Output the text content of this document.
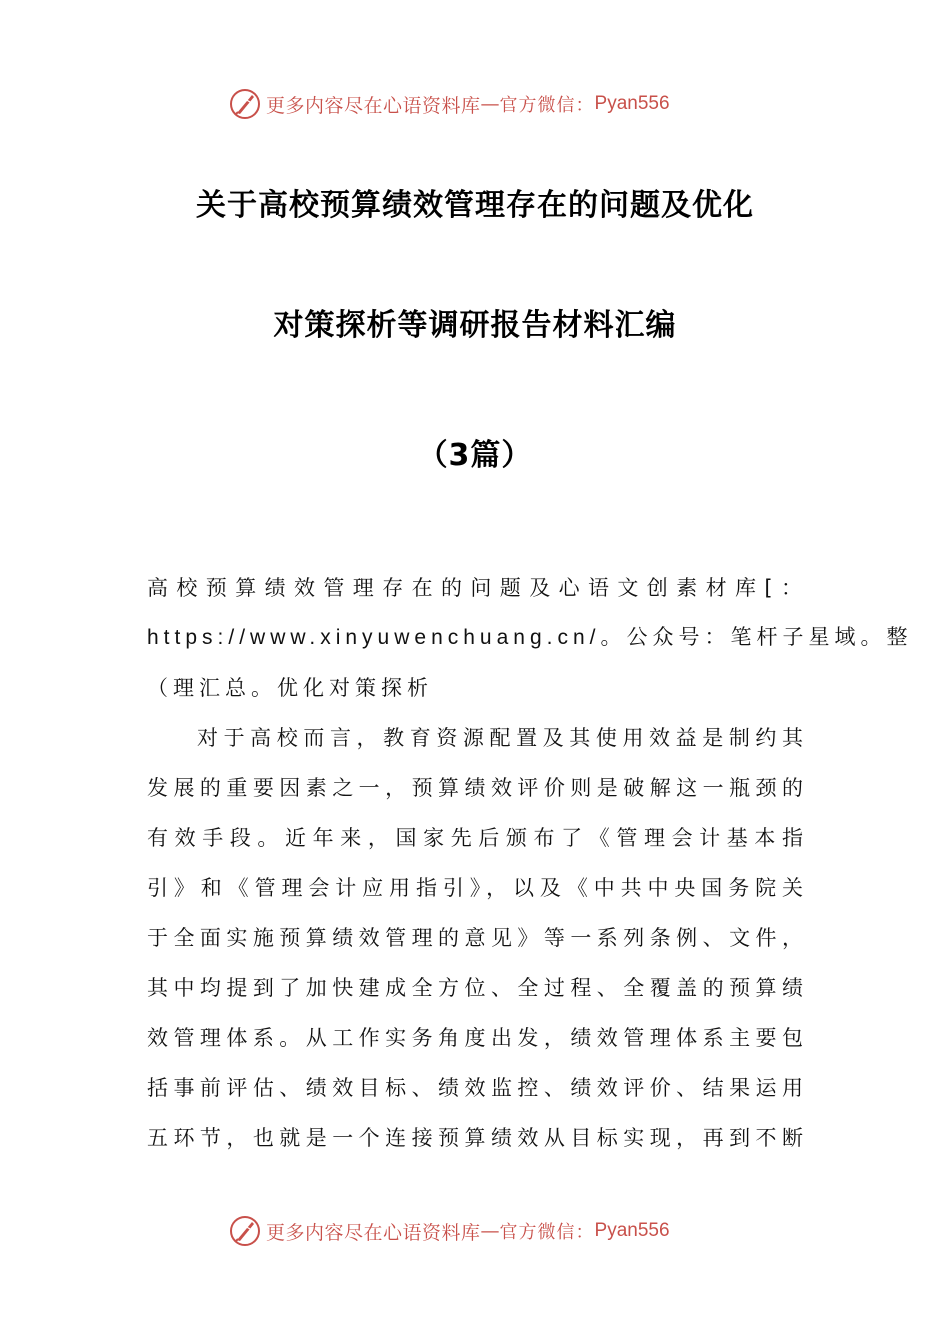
更多内容尽在心语资料库 — 官方微信： Pyan556
关于高校预算绩效管理存在的问题及优化
对策探析等调研报告材料汇编
（3篇）
高校预算绩效管理存在的问题及心语文创素材库[：
https://www.xinyuwenchuang.cn/。公众号：笔杆子星域。整
（理汇总。优化对策探析
对于高校而言，教育资源配置及其使用效益是制约其
发展的重要因素之一，预算绩效评价则是破解这一瓶颈的
有效手段。近年来，国家先后颁布了《管理会计基本指
引》和《管理会计应用指引》，以及《中共中央国务院关
于全面实施预算绩效管理的意见》等一系列条例、文件，
其中均提到了加快建成全方位、全过程、全覆盖的预算绩
效管理体系。从工作实务角度出发，绩效管理体系主要包
括事前评估、绩效目标、绩效监控、绩效评价、结果运用
五环节，也就是一个连接预算绩效从目标实现，再到不断
更多内容尽在心语资料库 — 官方微信： Pyan556
